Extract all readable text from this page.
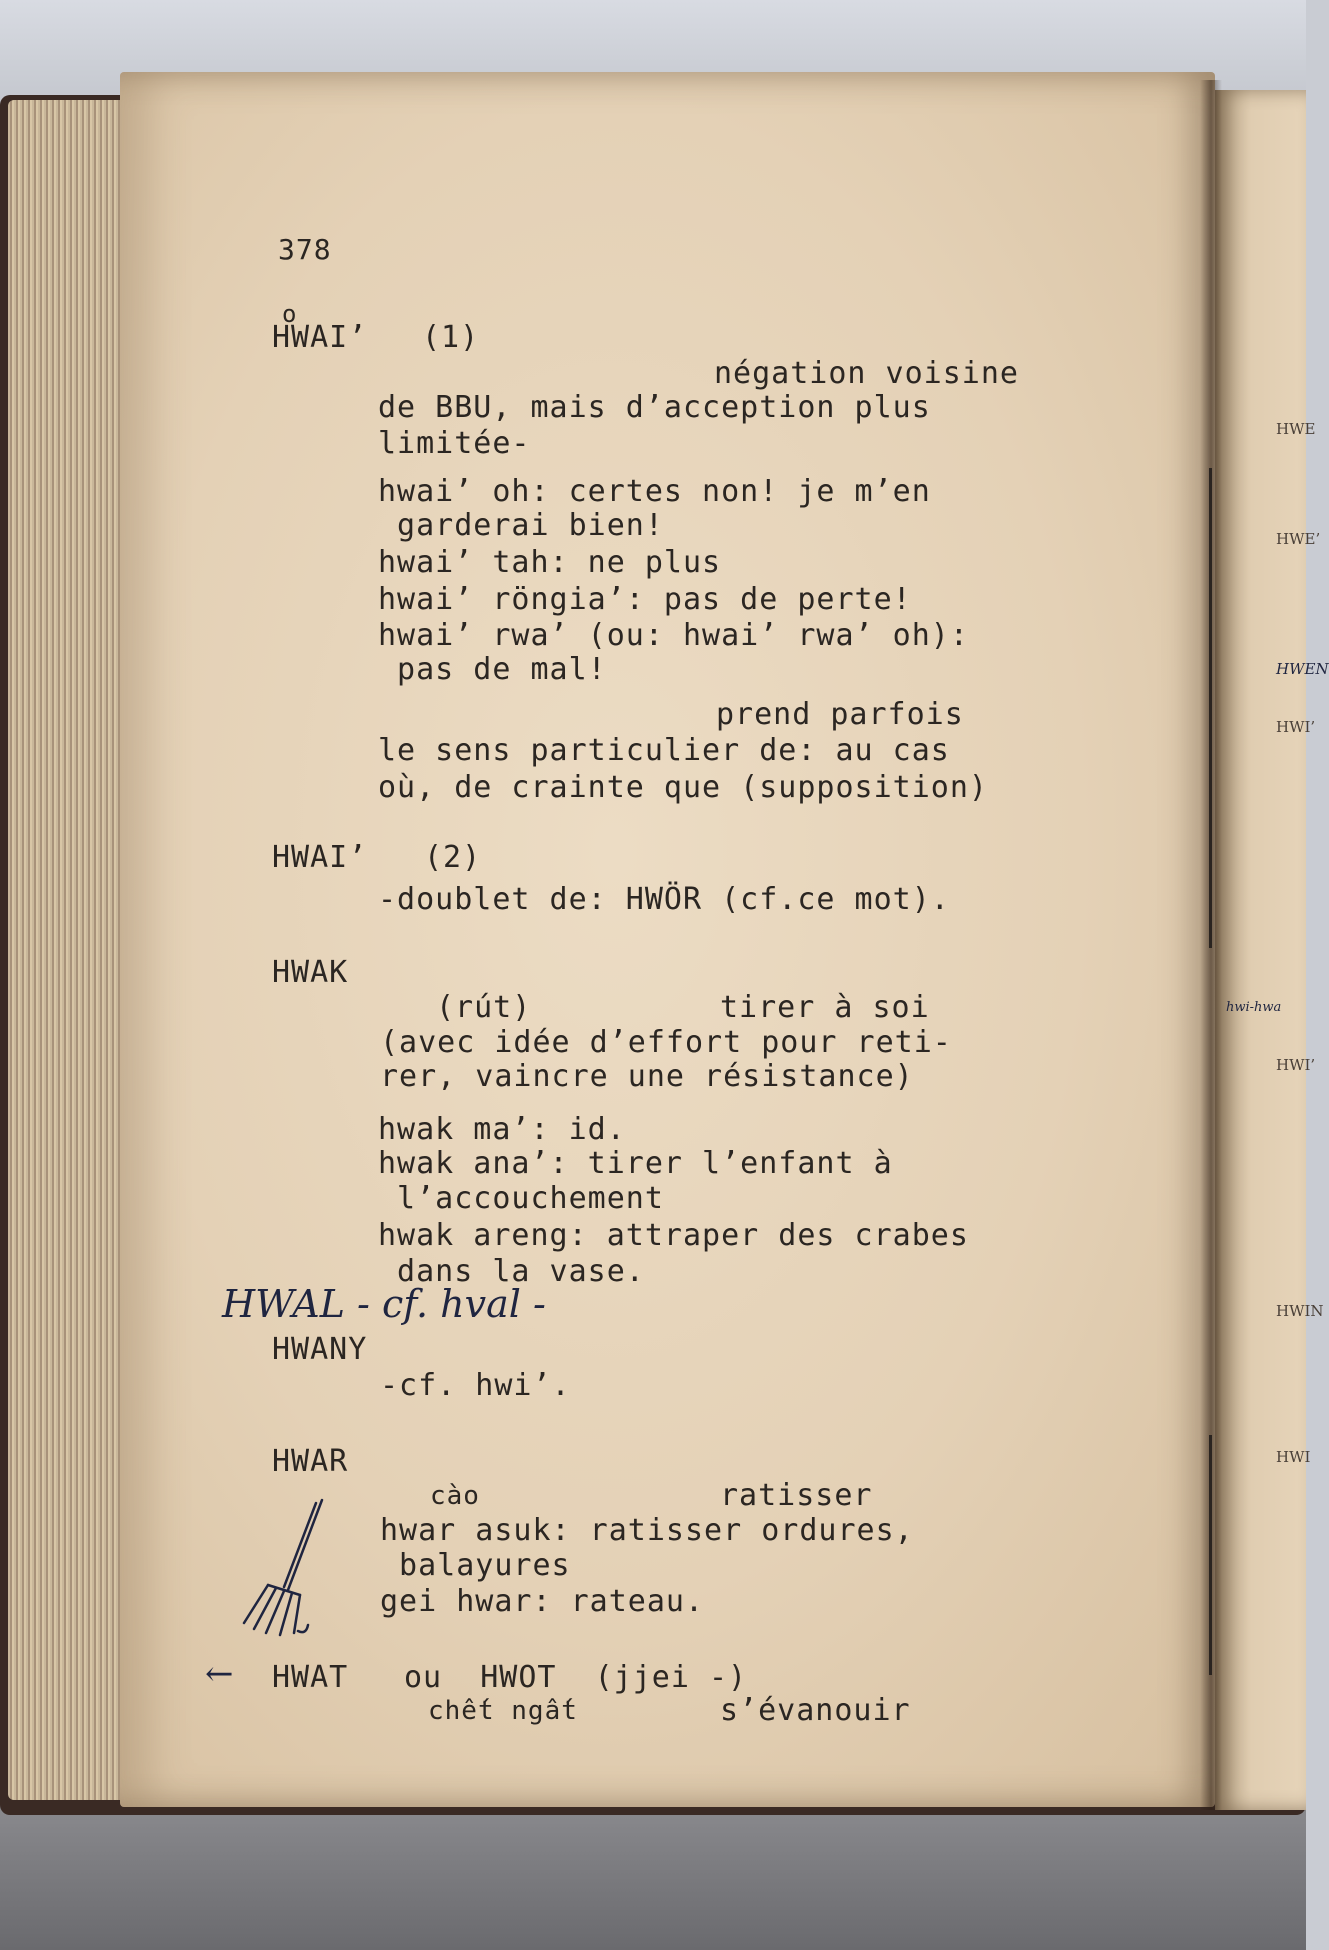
378
o
HWAI’ (1)
négation voisine
de BBU, mais d’acception plus
limitée-
hwai’ oh: certes non! je m’en
garderai bien!
hwai’ tah: ne plus
hwai’ röngia’: pas de perte!
hwai’ rwa’ (ou: hwai’ rwa’ oh):
pas de mal!
prend parfois
le sens particulier de: au cas
où, de crainte que (supposition)
HWAI’ (2)
-doublet de: HWÖR (cf.ce mot).
HWAK
(rút)	tirer à soi
(avec idée d’effort pour reti-
rer, vaincre une résistance)
hwak ma’: id.
hwak ana’: tirer l’enfant à
l’accouchement
hwak areng: attraper des crabes
dans la vase.
HWAL - cf. hval -
HWANY
-cf. hwi’.
HWAR
cào	ratisser
hwar asuk: ratisser ordures,
balayures
gei hwar: rateau.
← HWAT ou  HWOT  (jjei -)
chết ngất	s’évanouir
HWE
HWE’
HWEN
HWI’
hwi-hwa
HWI’
HWIN
HWI
